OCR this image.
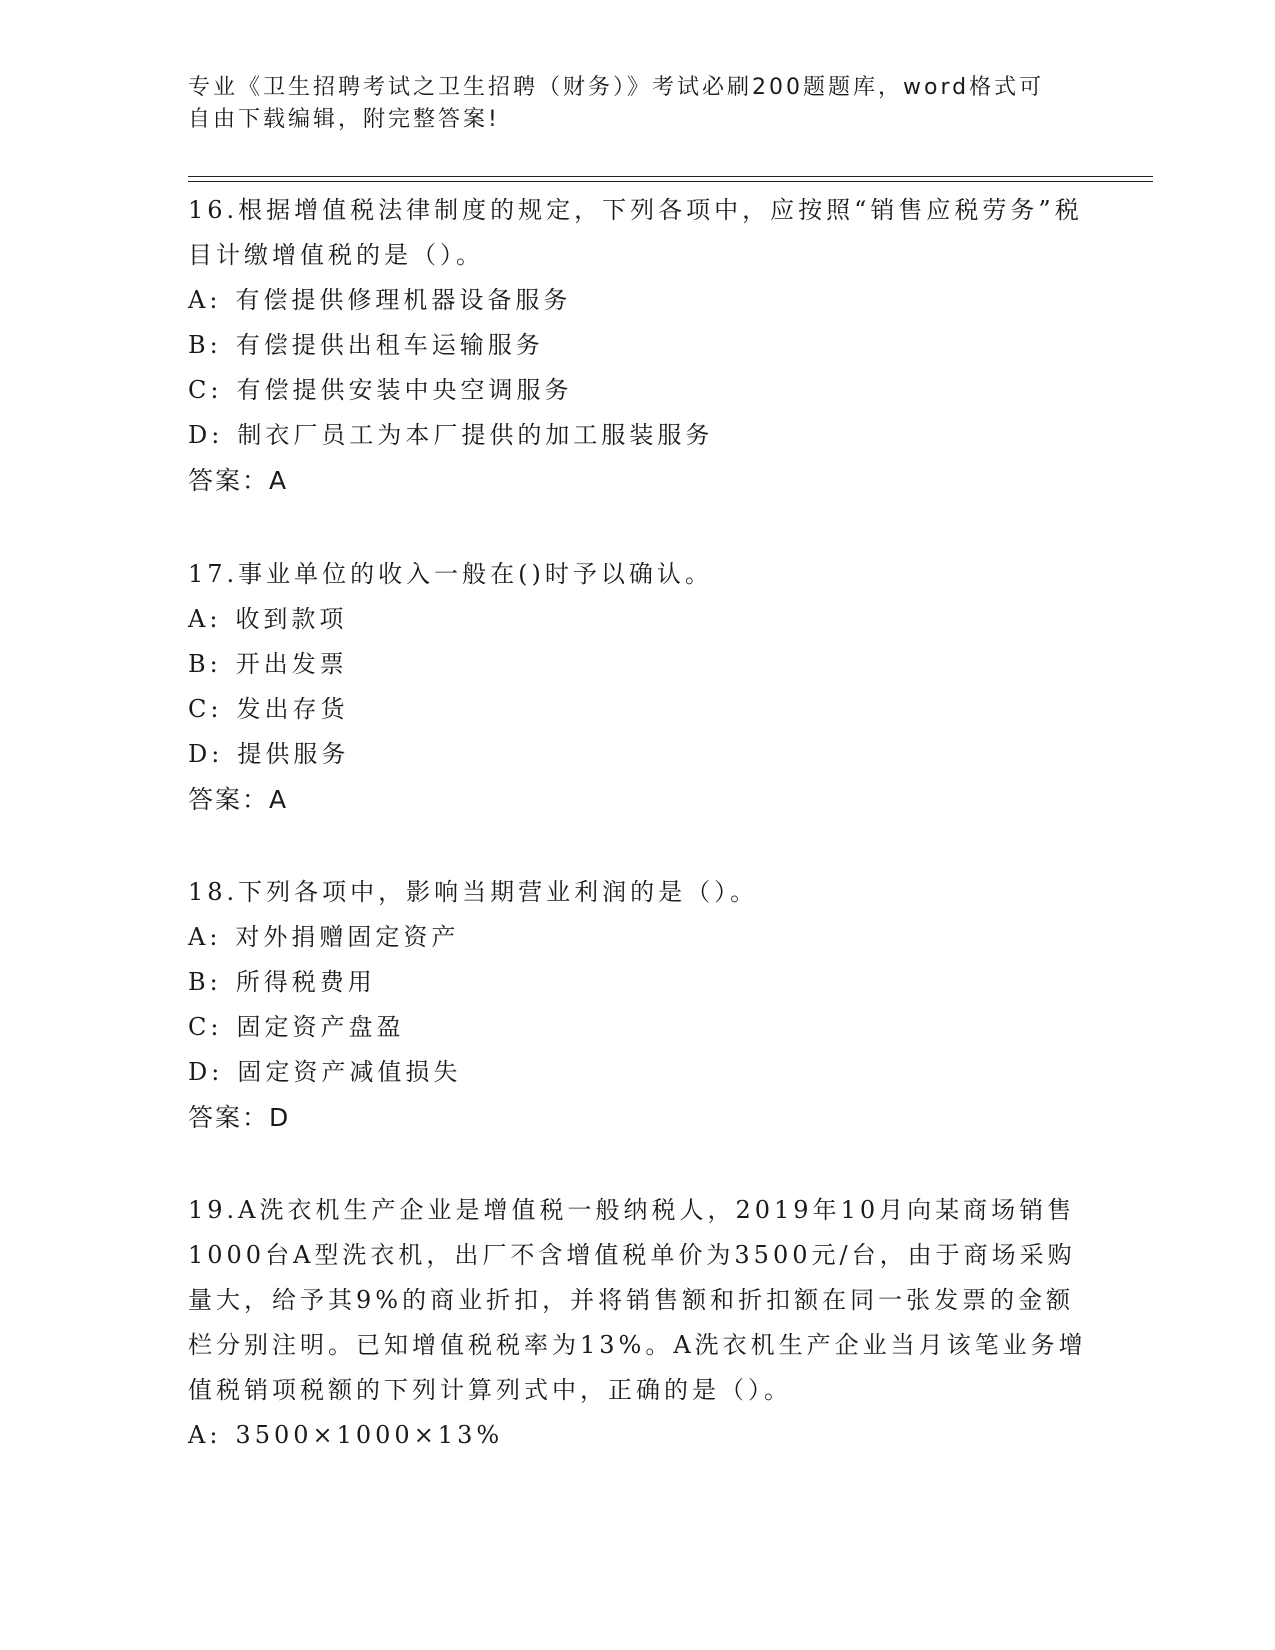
专业《卫生招聘考试之卫生招聘（财务）》考试必刷200题题库，word格式可自由下载编辑，附完整答案!

16.根据增值税法律制度的规定，下列各项中，应按照“销售应税劳务”税目计缴增值税的是（）。

A: 有偿提供修理机器设备服务

B: 有偿提供出租车运输服务

C: 有偿提供安装中央空调服务

D: 制衣厂员工为本厂提供的加工服装服务

答案：A

17.事业单位的收入一般在()时予以确认。

A: 收到款项

B: 开出发票

C: 发出存货

D: 提供服务

答案：A

18.下列各项中，影响当期营业利润的是（）。

A: 对外捐赠固定资产

B: 所得税费用

C: 固定资产盘盈

D: 固定资产减值损失

答案：D

19.A洗衣机生产企业是增值税一般纳税人，2019年10月向某商场销售1000台A型洗衣机，出厂不含增值税单价为3500元/台，由于商场采购量大，给予其9%的商业折扣，并将销售额和折扣额在同一张发票的金额栏分别注明。已知增值税税率为13%。A洗衣机生产企业当月该笔业务增值税销项税额的下列计算列式中，正确的是（）。

A: 3500×1000×13%
